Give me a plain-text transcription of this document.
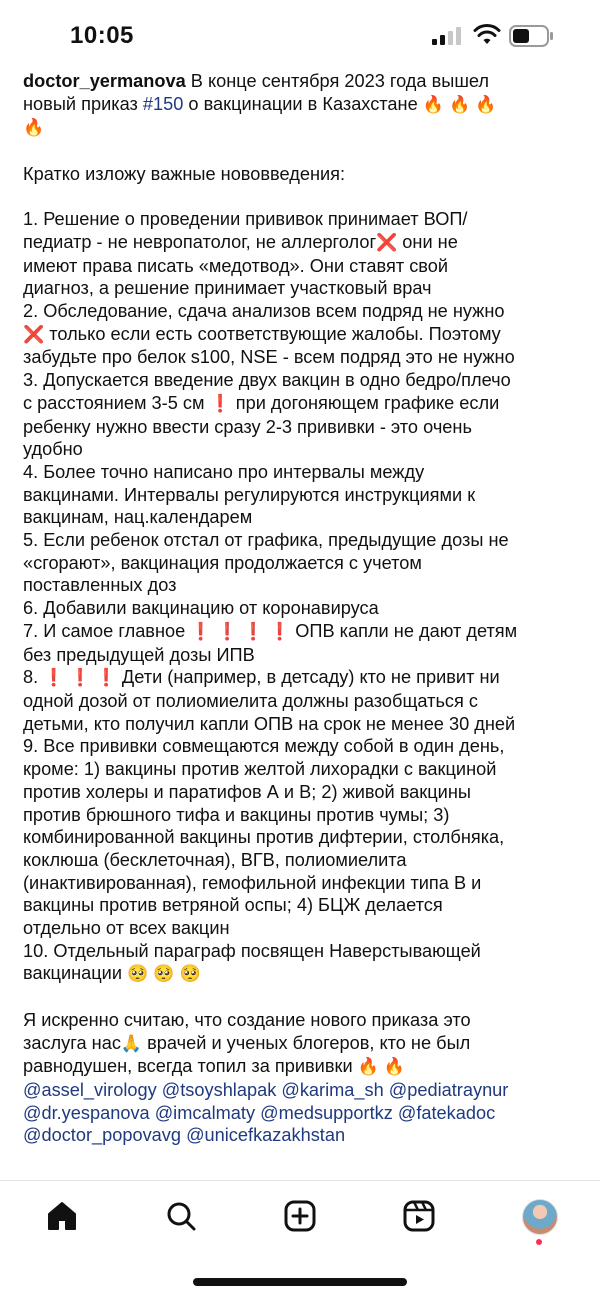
10:05
doctor_yermanova В конце сентября 2023 года вышел
новый приказ #150 о вакцинации в Казахстане 🔥 🔥 🔥
🔥

Кратко изложу важные нововведения:

1. Решение о проведении прививок принимает ВОП/
педиатр - не невропатолог, не аллерголог❌ они не
имеют права писать «медотвод». Они ставят свой
диагноз, а решение принимает участковый врач
2. Обследование, сдача анализов всем подряд не нужно
❌ только если есть соответствующие жалобы. Поэтому
забудьте про белок s100, NSE - всем подряд это не нужно
3. Допускается введение двух вакцин в одно бедро/плечо
с расстоянием 3-5 см ❗ при догоняющем графике если
ребенку нужно ввести сразу 2-3 прививки - это очень
удобно
4. Более точно написано про интервалы между
вакцинами. Интервалы регулируются инструкциями к
вакцинам, нац.календарем
5. Если ребенок отстал от графика, предыдущие дозы не
«сгорают», вакцинация продолжается с учетом
поставленных доз
6. Добавили вакцинацию от коронавируса
7. И самое главное ❗ ❗ ❗ ❗ ОПВ капли не дают детям
без предыдущей дозы ИПВ
8. ❗ ❗ ❗ Дети (например, в детсаду) кто не привит ни
одной дозой от полиомиелита должны разобщаться с
детьми, кто получил капли ОПВ на срок не менее 30 дней
9. Все прививки совмещаются между собой в один день,
кроме: 1) вакцины против желтой лихорадки с вакциной
против холеры и паратифов А и В; 2) живой вакцины
против брюшного тифа и вакцины против чумы; 3)
комбинированной вакцины против дифтерии, столбняка,
коклюша (бесклеточная), ВГВ, полиомиелита
(инактивированная), гемофильной инфекции типа В и
вакцины против ветряной оспы; 4) БЦЖ делается
отдельно от всех вакцин
10. Отдельный параграф посвящен Наверстывающей
вакцинации 🥺 🥺 🥺

Я искренно считаю, что создание нового приказа это
заслуга нас🙏 врачей и ученых блогеров, кто не был
равнодушен, всегда топил за прививки 🔥 🔥
@assel_virology @tsoyshlapak @karima_sh @pediatraynur
@dr.yespanova @imcalmaty @medsupportkz @fatekadoc
@doctor_popovavg @unicefkazakhstan
